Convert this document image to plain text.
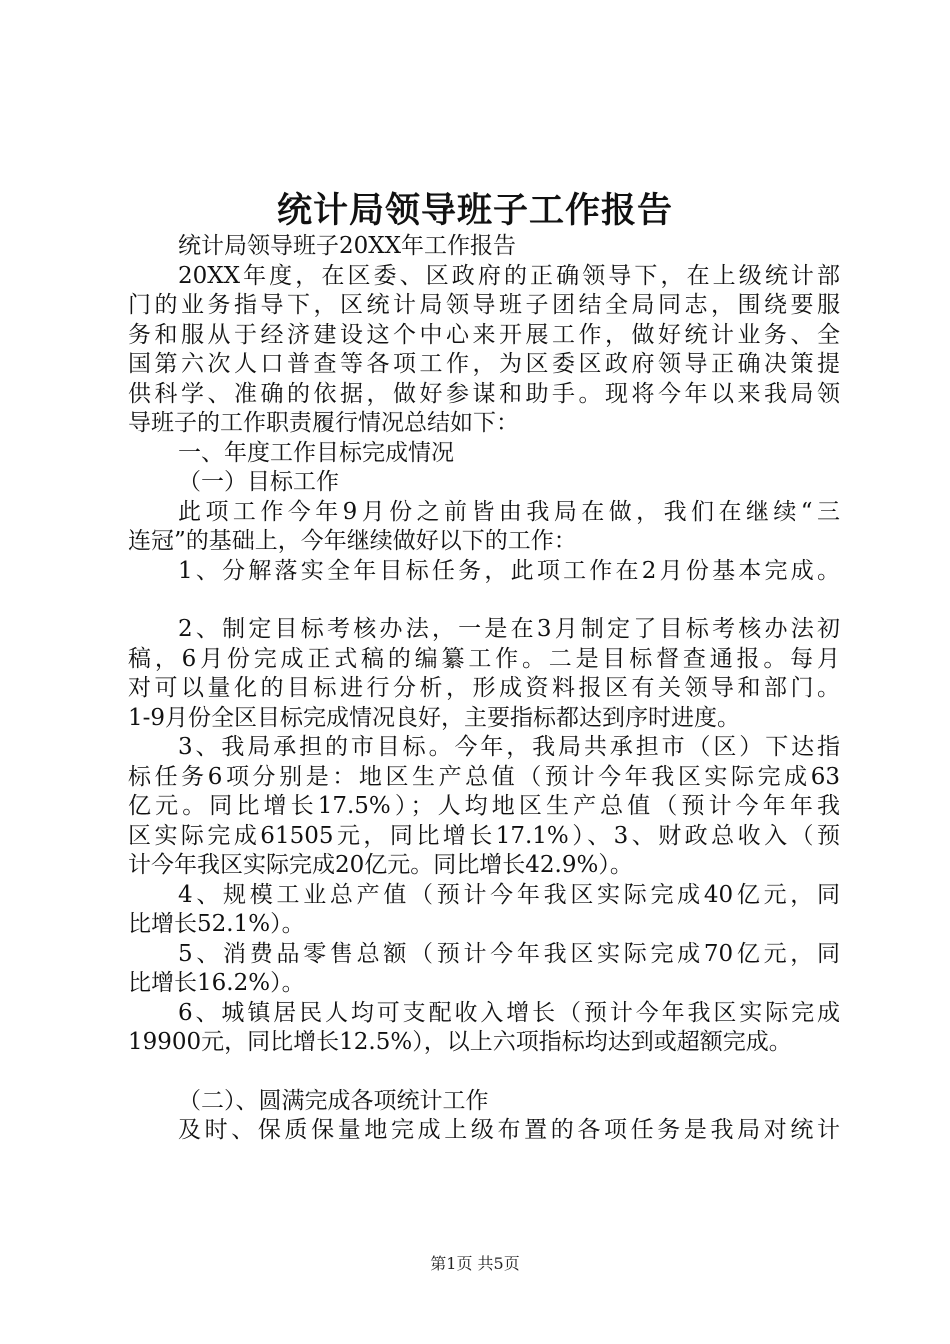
统计局领导班子工作报告
统计局领导班子20XX年工作报告
20XX年度，在区委、区政府的正确领导下，在上级统计部
门的业务指导下，区统计局领导班子团结全局同志，围绕要服
务和服从于经济建设这个中心来开展工作，做好统计业务、全
国第六次人口普查等各项工作，为区委区政府领导正确决策提
供科学、准确的依据，做好参谋和助手。现将今年以来我局领
导班子的工作职责履行情况总结如下：
一、年度工作目标完成情况
（一）目标工作
此项工作今年9月份之前皆由我局在做，我们在继续“三
连冠”的基础上，今年继续做好以下的工作：
1、分解落实全年目标任务，此项工作在2月份基本完成。
2、制定目标考核办法，一是在3月制定了目标考核办法初
稿，6月份完成正式稿的编纂工作。二是目标督查通报。每月
对可以量化的目标进行分析，形成资料报区有关领导和部门。
1-9月份全区目标完成情况良好，主要指标都达到序时进度。
3、我局承担的市目标。今年，我局共承担市（区）下达指
标任务6项分别是：地区生产总值（预计今年我区实际完成63
亿元。同比增长17.5%）；人均地区生产总值（预计今年年我
区实际完成61505元，同比增长17.1%）、3、财政总收入（预
计今年我区实际完成20亿元。同比增长42.9%）。
4、规模工业总产值（预计今年我区实际完成40亿元，同
比增长52.1%）。
5、消费品零售总额（预计今年我区实际完成70亿元，同
比增长16.2%）。
6、城镇居民人均可支配收入增长（预计今年我区实际完成
19900元，同比增长12.5%），以上六项指标均达到或超额完成。
（二）、圆满完成各项统计工作
及时、保质保量地完成上级布置的各项任务是我局对统计
第1页 共5页
